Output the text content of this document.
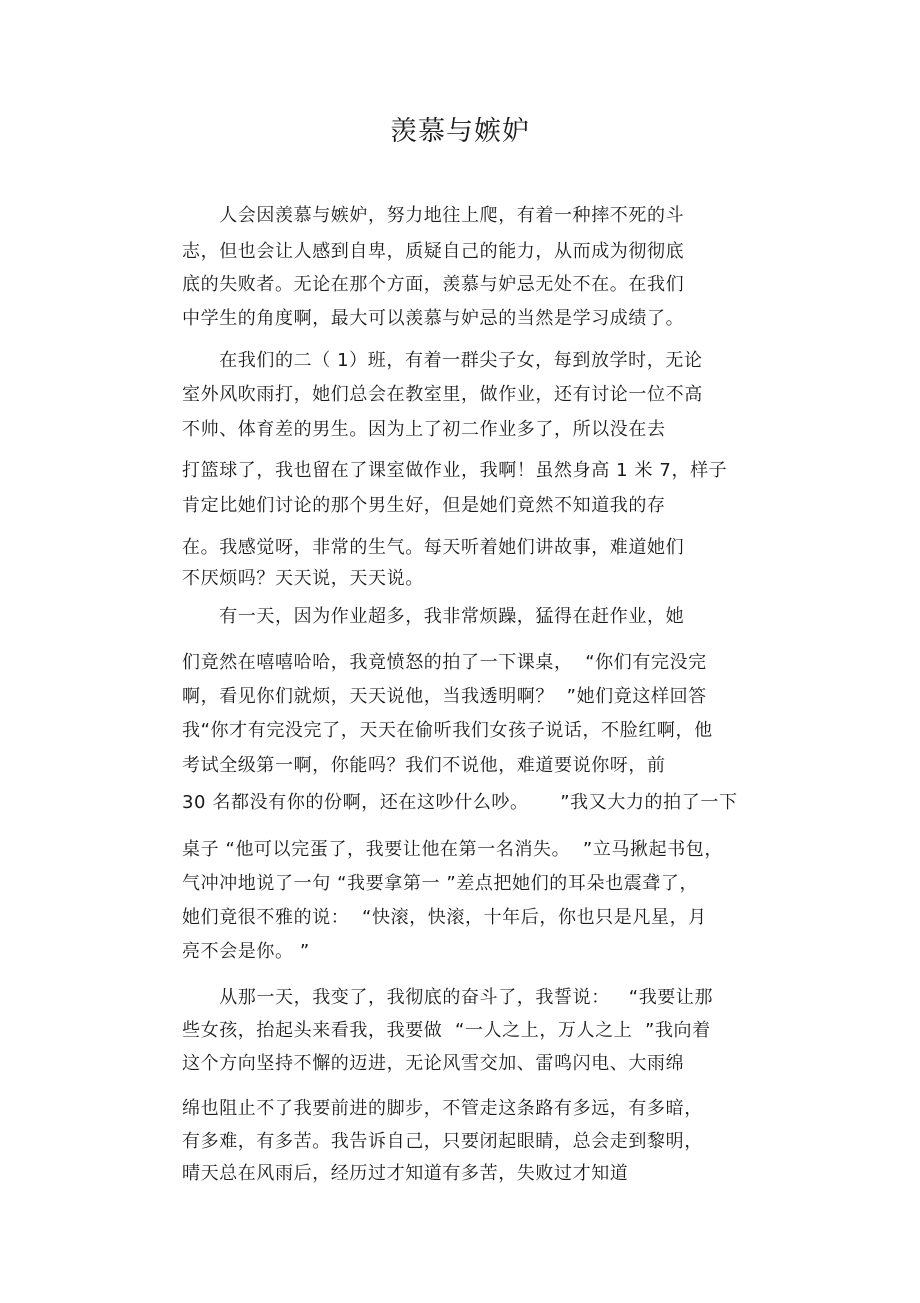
羡慕与嫉妒
　　人会因羡慕与嫉妒，努力地往上爬，有着一种摔不死的斗
志，但也会让人感到自卑，质疑自己的能力，从而成为彻彻底
底的失败者。无论在那个方面，羡慕与妒忌无处不在。在我们
中学生的角度啊，最大可以羡慕与妒忌的当然是学习成绩了。
　　在我们的二（ 1）班，有着一群尖子女，每到放学时，无论
室外风吹雨打，她们总会在教室里，做作业，还有讨论一位不高
不帅、体育差的男生。因为上了初二作业多了，所以没在去
打篮球了，我也留在了课室做作业，我啊！虽然身高 1 米 7，样子
肯定比她们讨论的那个男生好，但是她们竟然不知道我的存
在。我感觉呀，非常的生气。每天听着她们讲故事，难道她们
不厌烦吗？天天说，天天说。
　　有一天，因为作业超多，我非常烦躁，猛得在赶作业，她
们竟然在嘻嘻哈哈，我竟愤怒的拍了一下课桌，  “你们有完没完
啊，看见你们就烦，天天说他，当我透明啊？  ”她们竟这样回答
我“你才有完没完了，天天在偷听我们女孩子说话，不脸红啊，他
考试全级第一啊，你能吗？我们不说他，难道要说你呀，前
30 名都没有你的份啊，还在这吵什么吵。     ”我又大力的拍了一下
桌子 “他可以完蛋了，我要让他在第一名消失。  ”立马揪起书包，
气冲冲地说了一句 “我要拿第一 ”差点把她们的耳朵也震聋了，
她们竟很不雅的说：  “快滚，快滚，十年后，你也只是凡星，月
亮不会是你。 ”
　　从那一天，我变了，我彻底的奋斗了，我誓说：   “我要让那
些女孩，抬起头来看我，我要做  “一人之上，万人之上  ”我向着
这个方向坚持不懈的迈进，无论风雪交加、雷鸣闪电、大雨绵
绵也阻止不了我要前进的脚步，不管走这条路有多远，有多暗，
有多难，有多苦。我告诉自己，只要闭起眼睛，总会走到黎明，
晴天总在风雨后，经历过才知道有多苦，失败过才知道
